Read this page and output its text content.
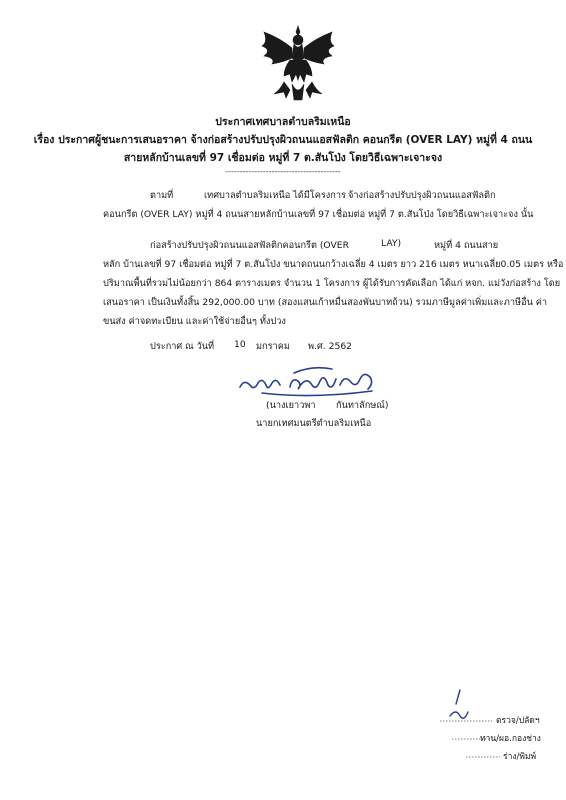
ประกาศเทศบาลตำบลริมเหนือ
เรื่อง ประกาศผู้ชนะการเสนอราคา จ้างก่อสร้างปรับปรุงผิวถนนแอสฟัลติก คอนกรีต (OVER LAY) หมู่ที่ 4 ถนน
สายหลักบ้านเลขที่ 97 เชื่อมต่อ หมู่ที่ 7 ต.สันโป่ง โดยวิธีเฉพาะเจาะจง
----------------------------------------
ตามที่	เทศบาลตำบลริมเหนือ ได้มีโครงการ จ้างก่อสร้างปรับปรุงผิวถนนแอสฟัลติก
คอนกรีต (OVER LAY) หมู่ที่ 4 ถนนสายหลักบ้านเลขที่ 97 เชื่อมต่อ หมู่ที่ 7 ต.สันโป่ง โดยวิธีเฉพาะเจาะจง นั้น
ก่อสร้างปรับปรุงผิวถนนแอสฟัลติกคอนกรีต (OVER	LAY)	หมู่ที่ 4 ถนนสาย
หลัก บ้านเลขที่ 97 เชื่อมต่อ หมู่ที่ 7 ต.สันโป่ง ขนาดถนนกว้างเฉลี่ย 4 เมตร ยาว 216 เมตร หนาเฉลี่ย0.05 เมตร หรือ
ปริมาณพื้นที่รวมไม่น้อยกว่า 864 ตารางเมตร จำนวน 1 โครงการ ผู้ได้รับการคัดเลือก ได้แก่ หจก. แม่วังก่อสร้าง โดย
เสนอราคา เป็นเงินทั้งสิ้น 292,000.00 บาท (สองแสนเก้าหมื่นสองพันบาทถ้วน) รวมภาษีมูลค่าเพิ่มและภาษีอื่น ค่า
ขนส่ง ค่าจดทะเบียน และค่าใช้จ่ายอื่นๆ ทั้งปวง
ประกาศ ณ วันที่ 10 มกราคม พ.ศ. 2562
(นางเยาวพา กันทาลักษณ์)
นายกเทศมนตรีตำบลริมเหนือ
ตรวจ/ปลัดฯ
ทาน/ผอ.กองช่าง
ร่าง/พิมพ์
